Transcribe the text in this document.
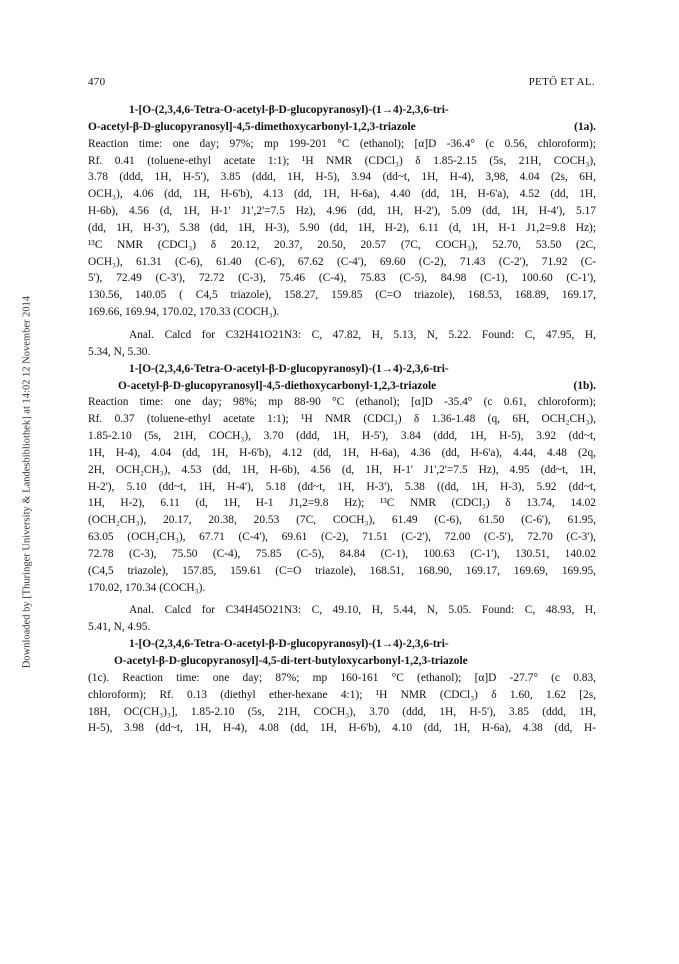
Downloaded by [Thuringer University & Landesbibliothek] at 14:02 12 November 2014
470	PETŐ ET AL.
1-[O-(2,3,4,6-Tetra-O-acetyl-β-D-glucopyranosyl)-(1→4)-2,3,6-tri-
O-acetyl-β-D-glucopyranosyl]-4,5-dimethoxycarbonyl-1,2,3-triazole (1a).
Reaction time: one day; 97%; mp 199-201 °C (ethanol); [α]D -36.4° (c 0.56, chloroform);
Rf. 0.41 (toluene-ethyl acetate 1:1); ¹H NMR (CDCl₃) δ 1.85-2.15 (5s, 21H, COCH₃),
3.78 (ddd, 1H, H-5'), 3.85 (ddd, 1H, H-5), 3.94 (dd~t, 1H, H-4), 3,98, 4.04 (2s, 6H,
OCH₃), 4.06 (dd, 1H, H-6'b), 4.13 (dd, 1H, H-6a), 4.40 (dd, 1H, H-6'a), 4.52 (dd, 1H,
H-6b), 4.56 (d, 1H, H-1' J1',2'=7.5 Hz), 4.96 (dd, 1H, H-2'), 5.09 (dd, 1H, H-4'), 5.17
(dd, 1H, H-3'), 5.38 (dd, 1H, H-3), 5.90 (dd, 1H, H-2), 6.11 (d, 1H, H-1 J1,2=9.8 Hz);
¹³C NMR (CDCl₃) δ 20.12, 20.37, 20.50, 20.57 (7C, COCH₃), 52.70, 53.50 (2C,
OCH₃), 61.31 (C-6), 61.40 (C-6'), 67.62 (C-4'), 69.60 (C-2), 71.43 (C-2'), 71.92 (C-
5'), 72.49 (C-3'), 72.72 (C-3), 75.46 (C-4), 75.83 (C-5), 84.98 (C-1), 100.60 (C-1'),
130.56, 140.05 ( C4,5 triazole), 158.27, 159.85 (C=O triazole), 168.53, 168.89, 169.17,
169.66, 169.94, 170.02, 170.33 (COCH₃).
Anal. Calcd for C32H41O21N3: C, 47.82, H, 5.13, N, 5.22. Found: C, 47.95, H,
5.34, N, 5.30.
1-[O-(2,3,4,6-Tetra-O-acetyl-β-D-glucopyranosyl)-(1→4)-2,3,6-tri-
O-acetyl-β-D-glucopyranosyl]-4,5-diethoxycarbonyl-1,2,3-triazole (1b).
Reaction time: one day; 98%; mp 88-90 °C (ethanol); [α]D -35.4° (c 0.61, chloroform);
Rf. 0.37 (toluene-ethyl acetate 1:1); ¹H NMR (CDCl₃) δ 1.36-1.48 (q, 6H, OCH₂CH₃),
1.85-2.10 (5s, 21H, COCH₃), 3.70 (ddd, 1H, H-5'), 3.84 (ddd, 1H, H-5), 3.92 (dd~t,
1H, H-4), 4.04 (dd, 1H, H-6'b), 4.12 (dd, 1H, H-6a), 4.36 (dd, H-6'a), 4.44, 4.48 (2q,
2H, OCH₂CH₃), 4.53 (dd, 1H, H-6b), 4.56 (d, 1H, H-1' J1',2'=7.5 Hz), 4.95 (dd~t, 1H,
H-2'), 5.10 (dd~t, 1H, H-4'), 5.18 (dd~t, 1H, H-3'), 5.38 ((dd, 1H, H-3), 5.92 (dd~t,
1H, H-2), 6.11 (d, 1H, H-1 J1,2=9.8 Hz); ¹³C NMR (CDCl₃) δ 13.74, 14.02
(OCH₂CH₃), 20.17, 20.38, 20.53 (7C, COCH₃), 61.49 (C-6), 61.50 (C-6'), 61.95,
63.05 (OCH₂CH₃), 67.71 (C-4'), 69.61 (C-2), 71.51 (C-2'), 72.00 (C-5'), 72.70 (C-3'),
72.78 (C-3), 75.50 (C-4), 75.85 (C-5), 84.84 (C-1), 100.63 (C-1'), 130.51, 140.02
(C4,5 triazole), 157.85, 159.61 (C=O triazole), 168.51, 168.90, 169.17, 169.69, 169.95,
170.02, 170.34 (COCH₃).
Anal. Calcd for C34H45O21N3: C, 49.10, H, 5.44, N, 5.05. Found: C, 48.93, H,
5.41, N, 4.95.
1-[O-(2,3,4,6-Tetra-O-acetyl-β-D-glucopyranosyl)-(1→4)-2,3,6-tri-
O-acetyl-β-D-glucopyranosyl]-4,5-di-tert-butyloxycarbonyl-1,2,3-triazole
(1c). Reaction time: one day; 87%; mp 160-161 °C (ethanol); [α]D -27.7° (c 0.83,
chloroform); Rf. 0.13 (diethyl ether-hexane 4:1); ¹H NMR (CDCl₃) δ 1.60, 1.62 [2s,
18H, OC(CH₃)₃], 1.85-2.10 (5s, 21H, COCH₃), 3.70 (ddd, 1H, H-5'), 3.85 (ddd, 1H,
H-5), 3.98 (dd~t, 1H, H-4), 4.08 (dd, 1H, H-6'b), 4.10 (dd, 1H, H-6a), 4.38 (dd, H-
